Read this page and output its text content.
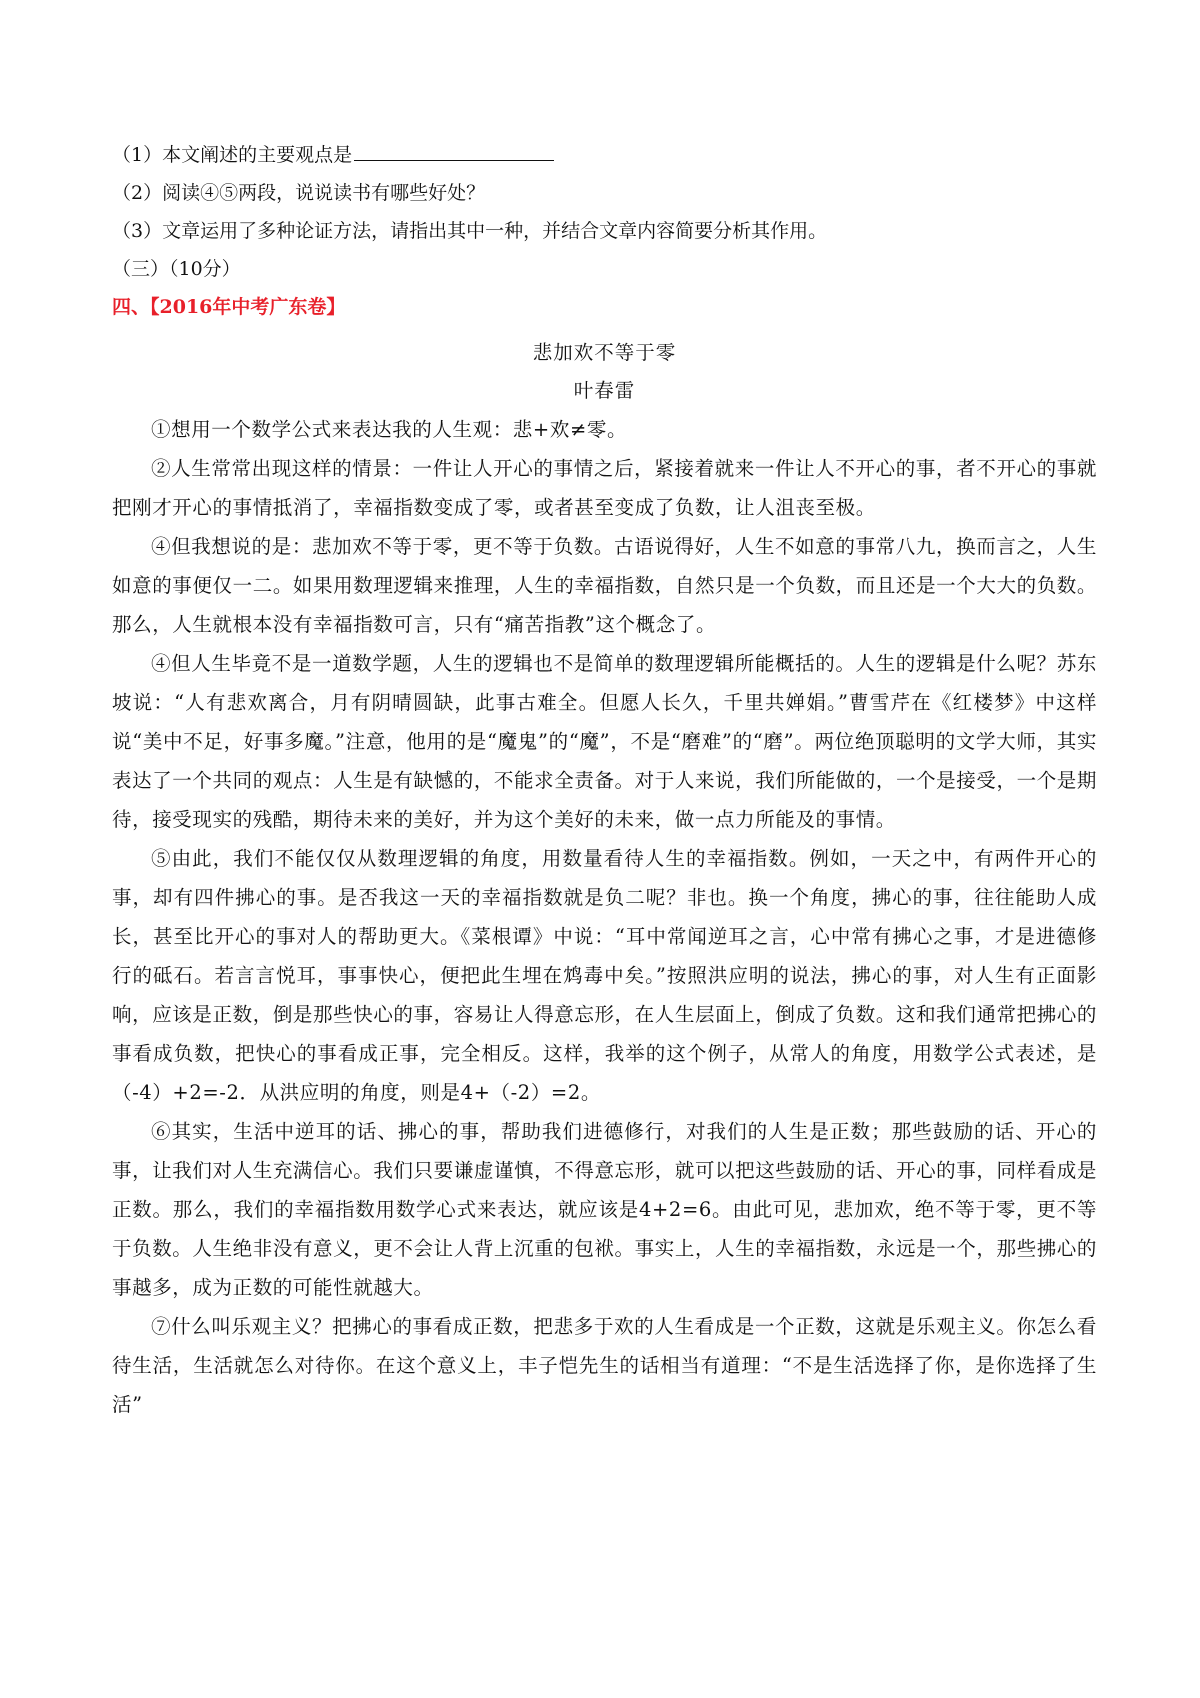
（1）本文阐述的主要观点是
（2）阅读④⑤两段，说说读书有哪些好处？
（3）文章运用了多种论证方法，请指出其中一种，并结合文章内容简要分析其作用。
（三）（10分）
四、【2016年中考广东卷】
悲加欢不等于零
叶春雷

①想用一个数学公式来表达我的人生观：悲+欢≠零。

②人生常常出现这样的情景：一件让人开心的事情之后，紧接着就来一件让人不开心的事，者不开心的事就把刚才开心的事情抵消了，幸福指数变成了零，或者甚至变成了负数，让人沮丧至极。

④但我想说的是：悲加欢不等于零，更不等于负数。古语说得好，人生不如意的事常八九，换而言之，人生如意的事便仅一二。如果用数理逻辑来推理，人生的幸福指数，自然只是一个负数，而且还是一个大大的负数。那么，人生就根本没有幸福指数可言，只有“痛苦指教”这个概念了。

④但人生毕竟不是一道数学题，人生的逻辑也不是简单的数理逻辑所能概括的。人生的逻辑是什么呢？苏东坡说：“人有悲欢离合，月有阴晴圆缺，此事古难全。但愿人长久，千里共婵娟。”曹雪芹在《红楼梦》中这样说“美中不足，好事多魔。”注意，他用的是“魔鬼”的“魔”，不是“磨难”的“磨”。两位绝顶聪明的文学大师，其实表达了一个共同的观点：人生是有缺憾的，不能求全责备。对于人来说，我们所能做的，一个是接受，一个是期待，接受现实的残酷，期待未来的美好，并为这个美好的未来，做一点力所能及的事情。

⑤由此，我们不能仅仅从数理逻辑的角度，用数量看待人生的幸福指数。例如，一天之中，有两件开心的事，却有四件拂心的事。是否我这一天的幸福指数就是负二呢？非也。换一个角度，拂心的事，往往能助人成长，甚至比开心的事对人的帮助更大。《菜根谭》中说：“耳中常闻逆耳之言，心中常有拂心之事，才是进德修行的砥石。若言言悦耳，事事快心，便把此生埋在鸩毒中矣。”按照洪应明的说法，拂心的事，对人生有正面影响，应该是正数，倒是那些快心的事，容易让人得意忘形，在人生层面上，倒成了负数。这和我们通常把拂心的事看成负数，把快心的事看成正事，完全相反。这样，我举的这个例子，从常人的角度，用数学公式表述，是（-4）+2=-2．从洪应明的角度，则是4+（-2）=2。

⑥其实，生活中逆耳的话、拂心的事，帮助我们进德修行，对我们的人生是正数；那些鼓励的话、开心的事，让我们对人生充满信心。我们只要谦虚谨慎，不得意忘形，就可以把这些鼓励的话、开心的事，同样看成是正数。那么，我们的幸福指数用数学心式来表达，就应该是4+2=6。由此可见，悲加欢，绝不等于零，更不等于负数。人生绝非没有意义，更不会让人背上沉重的包袱。事实上，人生的幸福指数，永远是一个，那些拂心的事越多，成为正数的可能性就越大。

⑦什么叫乐观主义？把拂心的事看成正数，把悲多于欢的人生看成是一个正数，这就是乐观主义。你怎么看待生活，生活就怎么对待你。在这个意义上，丰子恺先生的话相当有道理：“不是生活选择了你，是你选择了生活”
